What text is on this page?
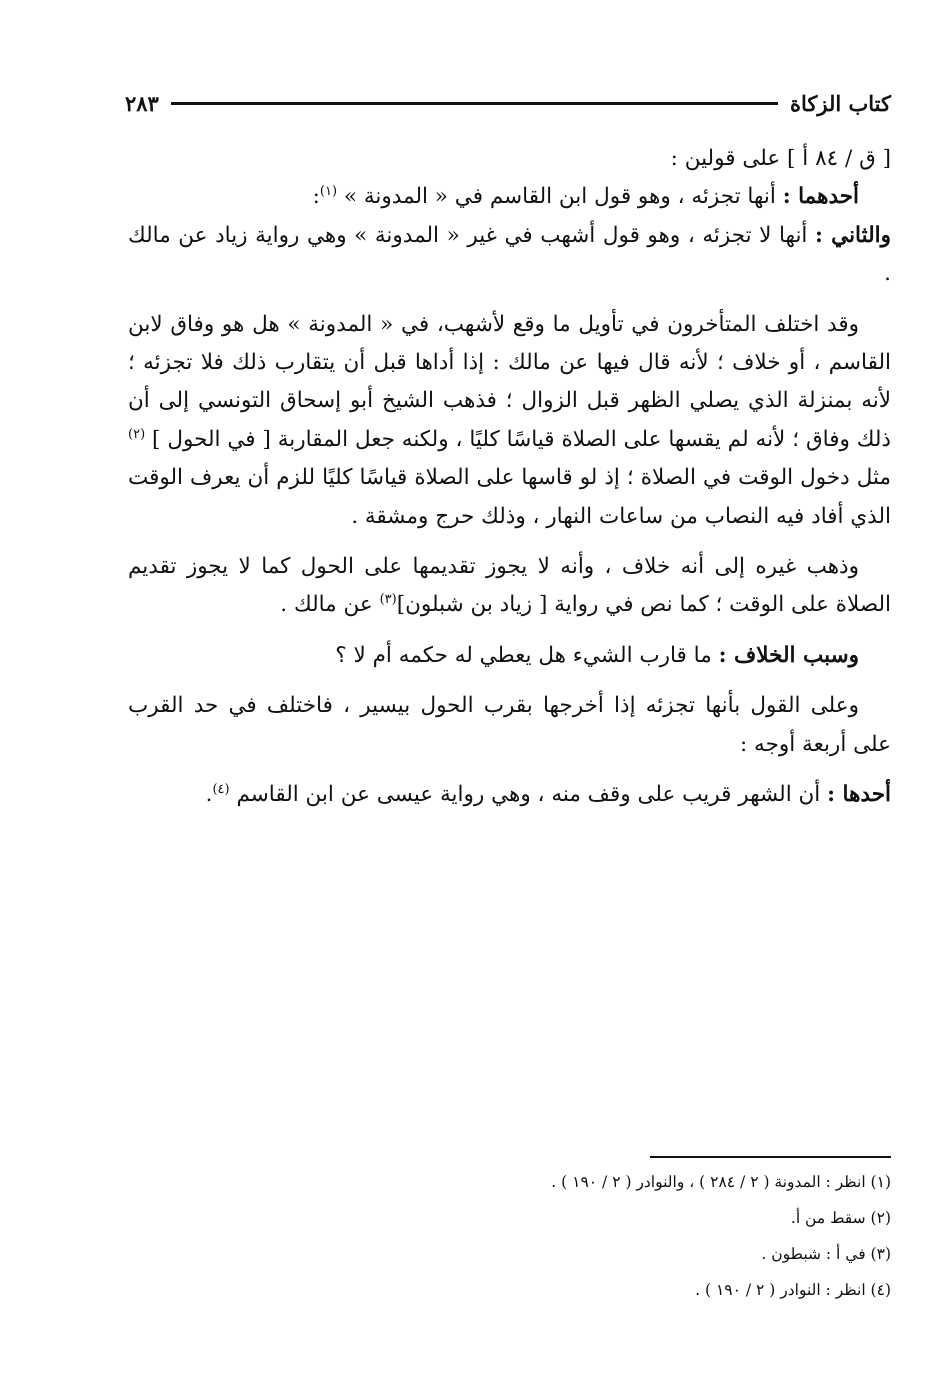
كتاب الزكاة
٢٨٣

[ ق / ٨٤ أ ] على قولين :

أحدهما : أنها تجزئه ، وهو قول ابن القاسم في « المدونة » $^{(١)}$:

والثاني : أنها لا تجزئه ، وهو قول أشهب في غير « المدونة » وهي رواية زياد عن مالك .

وقد اختلف المتأخرون في تأويل ما وقع لأشهب، في « المدونة » هل هو وفاق لابن القاسم ، أو خلاف ؛ لأنه قال فيها عن مالك : إذا أداها قبل أن يتقارب ذلك فلا تجزئه ؛ لأنه بمنزلة الذي يصلي الظهر قبل الزوال ؛ فذهب الشيخ أبو إسحاق التونسي إلى أن ذلك وفاق ؛ لأنه لم يقسها على الصلاة قياسًا كليًا ، ولكنه جعل المقاربة [ في الحول ] $^{(٢)}$ مثل دخول الوقت في الصلاة ؛ إذ لو قاسها على الصلاة قياسًا كليًا للزم أن يعرف الوقت الذي أفاد فيه النصاب من ساعات النهار ، وذلك حرج ومشقة .

وذهب غيره إلى أنه خلاف ، وأنه لا يجوز تقديمها على الحول كما لا يجوز تقديم الصلاة على الوقت ؛ كما نص في رواية [ زياد بن شبلون]$^{(٣)}$ عن مالك .

وسبب الخلاف : ما قارب الشيء هل يعطي له حكمه أم لا ؟

وعلى القول بأنها تجزئه إذا أخرجها بقرب الحول بيسير ، فاختلف في حد القرب على أربعة أوجه :

أحدها : أن الشهر قريب على وقف منه ، وهي رواية عيسى عن ابن القاسم $^{(٤)}$.

(١) انظر : المدونة ( ٢ / ٢٨٤ ) ، والنوادر ( ٢ / ١٩٠ ) .
(٢) سقط من أ.
(٣) في أ : شبطون .
(٤) انظر : النوادر ( ٢ / ١٩٠ ) .
